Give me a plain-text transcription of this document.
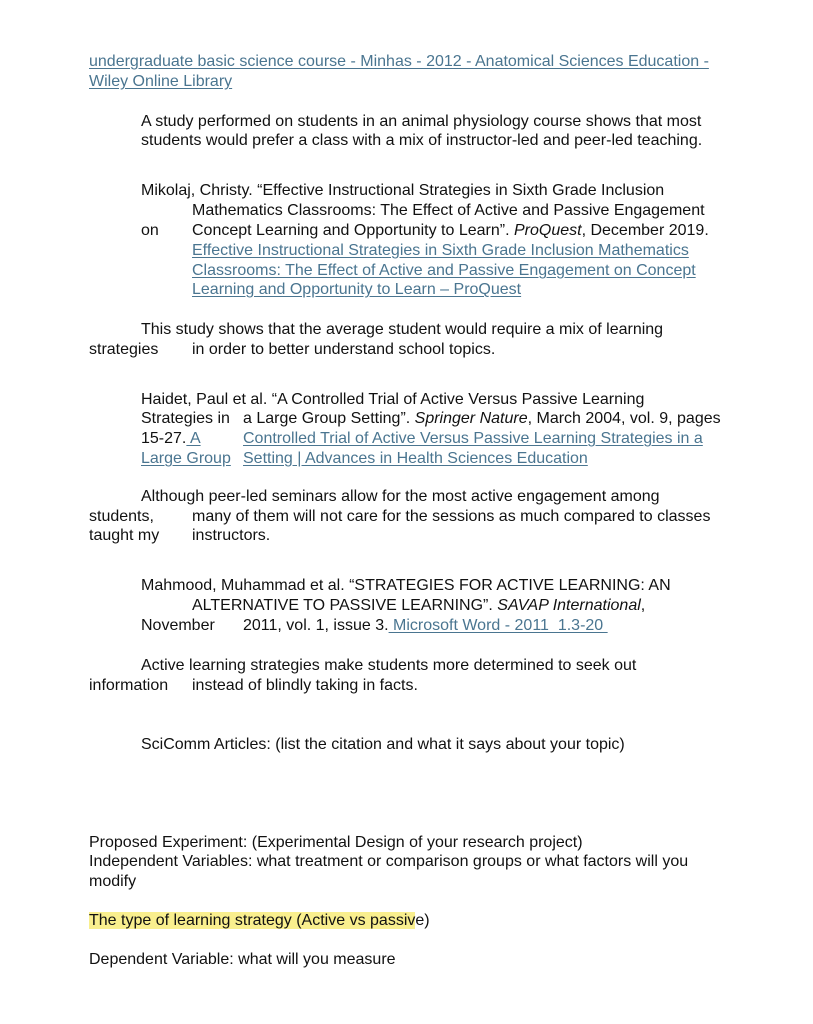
undergraduate basic science course - Minhas - 2012 - Anatomical Sciences Education -
Wiley Online Library
A study performed on students in an animal physiology course shows that most
students would prefer a class with a mix of instructor-led and peer-led teaching.
Mikolaj, Christy. “Effective Instructional Strategies in Sixth Grade Inclusion
Mathematics Classrooms: The Effect of Active and Passive Engagement
on Concept Learning and Opportunity to Learn”. ProQuest, December 2019.
Effective Instructional Strategies in Sixth Grade Inclusion Mathematics
Classrooms: The Effect of Active and Passive Engagement on Concept
Learning and Opportunity to Learn – ProQuest
This study shows that the average student would require a mix of learning
strategies in order to better understand school topics.
Haidet, Paul et al. “A Controlled Trial of Active Versus Passive Learning
Strategies in a Large Group Setting”. Springer Nature, March 2004, vol. 9, pages
15-27. A	Controlled Trial of Active Versus Passive Learning Strategies in a
Large Group Setting | Advances in Health Sciences Education
Although peer-led seminars allow for the most active engagement among
students, many of them will not care for the sessions as much compared to classes
taught my instructors.
Mahmood, Muhammad et al. “STRATEGIES FOR ACTIVE LEARNING: AN
ALTERNATIVE TO PASSIVE LEARNING”. SAVAP International,
November 2011, vol. 1, issue 3. Microsoft Word - 2011_1.3-20
Active learning strategies make students more determined to seek out
information instead of blindly taking in facts.
SciComm Articles: (list the citation and what it says about your topic)
Proposed Experiment: (Experimental Design of your research project)
Independent Variables: what treatment or comparison groups or what factors will you
modify
The type of learning strategy (Active vs passive)
Dependent Variable: what will you measure
